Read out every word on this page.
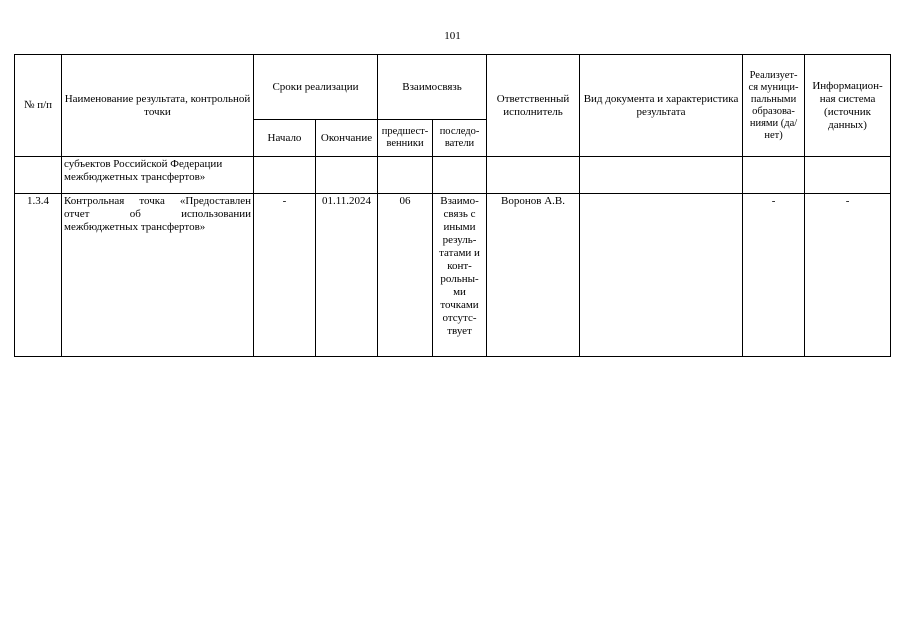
101
№ п/п	Наименование результата, контрольной точки	Сроки реализации		Взаимосвязь		Ответственный исполнитель	Вид документа и характеристика результата	Реализует-ся муници-пальными образова-ниями (да/нет)	Информацион-ная система (источник данных)
		Начало	Окончание	предшест-венники	последо-ватели				
	субъектов Российской Федерации межбюджетных трансфертов»								
1.3.4	Контрольная точка «Предоставлен отчет об использовании межбюджетных трансфертов»	-	01.11.2024	06	Взаимо-связь с иными резуль-татами и конт-рольны-ми точками отсутс-твует	Воронов А.В.		-	-
